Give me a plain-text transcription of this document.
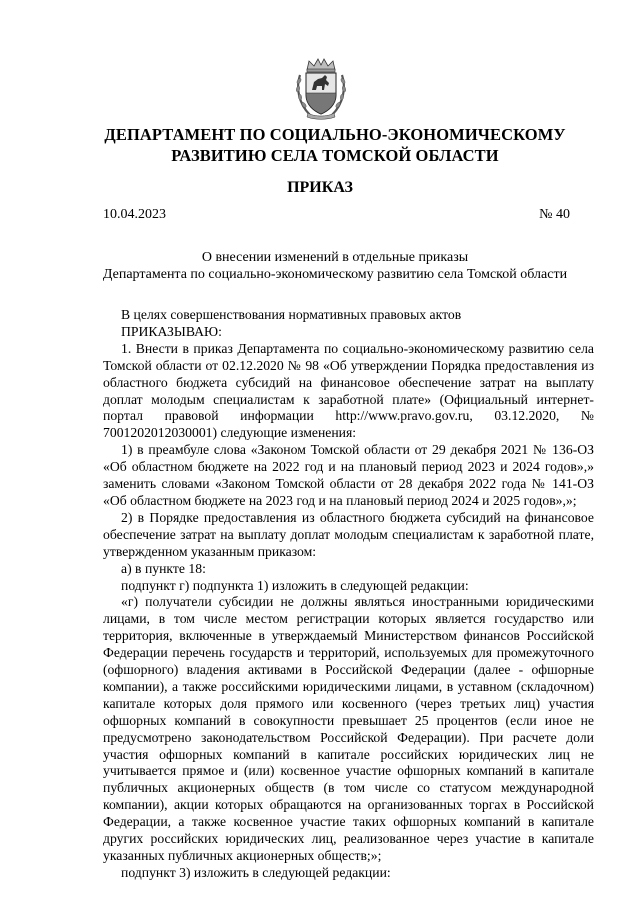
ДЕПАРТАМЕНТ ПО СОЦИАЛЬНО-ЭКОНОМИЧЕСКОМУ
РАЗВИТИЮ СЕЛА ТОМСКОЙ ОБЛАСТИ
ПРИКАЗ
10.04.2023	№ 40
О внесении изменений в отдельные приказы
Департамента по социально-экономическому развитию села Томской области

В целях совершенствования нормативных правовых актов

ПРИКАЗЫВАЮ:

1. Внести в приказ Департамента по социально-экономическому развитию села Томской области от 02.12.2020 № 98 «Об утверждении Порядка предоставления из областного бюджета субсидий на финансовое обеспечение затрат на выплату доплат молодым специалистам к заработной плате» (Официальный интернет-портал правовой информации http://www.pravo.gov.ru, 03.12.2020, № 7001202012030001) следующие изменения:

1) в преамбуле слова «Законом Томской области от 29 декабря 2021 № 136-ОЗ «Об областном бюджете на 2022 год и на плановый период 2023 и 2024 годов»,» заменить словами «Законом Томской области от 28 декабря 2022 года № 141-ОЗ «Об областном бюджете на 2023 год и на плановый период 2024 и 2025 годов»,»;

2) в Порядке предоставления из областного бюджета субсидий на финансовое обеспечение затрат на выплату доплат молодым специалистам к заработной плате, утвержденном указанным приказом:

а) в пункте 18:

подпункт г) подпункта 1) изложить в следующей редакции:

«г) получатели субсидии не должны являться иностранными юридическими лицами, в том числе местом регистрации которых является государство или территория, включенные в утверждаемый Министерством финансов Российской Федерации перечень государств и территорий, используемых для промежуточного (офшорного) владения активами в Российской Федерации (далее - офшорные компании), а также российскими юридическими лицами, в уставном (складочном) капитале которых доля прямого или косвенного (через третьих лиц) участия офшорных компаний в совокупности превышает 25 процентов (если иное не предусмотрено законодательством Российской Федерации). При расчете доли участия офшорных компаний в капитале российских юридических лиц не учитывается прямое и (или) косвенное участие офшорных компаний в капитале публичных акционерных обществ (в том числе со статусом международной компании), акции которых обращаются на организованных торгах в Российской Федерации, а также косвенное участие таких офшорных компаний в капитале других российских юридических лиц, реализованное через участие в капитале указанных публичных акционерных обществ;»;

подпункт 3) изложить в следующей редакции:
